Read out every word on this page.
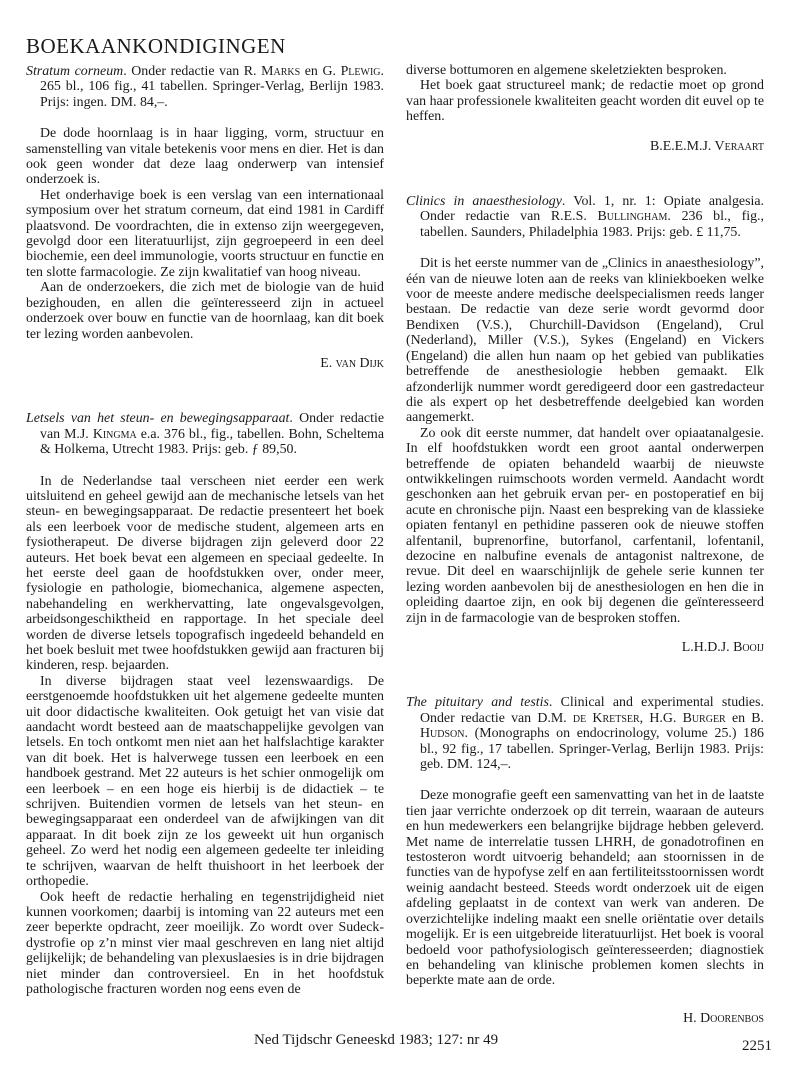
BOEKAANKONDIGINGEN

Stratum corneum. Onder redactie van R. Marks en G. Plewig. 265 bl., 106 fig., 41 tabellen. Springer-Verlag, Berlijn 1983. Prijs: ingen. DM. 84,–.

De dode hoornlaag is in haar ligging, vorm, structuur en samenstelling van vitale betekenis voor mens en dier. Het is dan ook geen wonder dat deze laag onderwerp van intensief onderzoek is.

Het onderhavige boek is een verslag van een internationaal symposium over het stratum corneum, dat eind 1981 in Cardiff plaatsvond. De voordrachten, die in extenso zijn weergegeven, gevolgd door een literatuurlijst, zijn gegroepeerd in een deel biochemie, een deel immunologie, voorts structuur en functie en ten slotte farmacologie. Ze zijn kwalitatief van hoog niveau.

Aan de onderzoekers, die zich met de biologie van de huid bezighouden, en allen die geïnteresseerd zijn in actueel onderzoek over bouw en functie van de hoornlaag, kan dit boek ter lezing worden aanbevolen.

E. van Dijk

Letsels van het steun- en bewegingsapparaat. Onder redactie van M.J. Kingma e.a. 376 bl., fig., tabellen. Bohn, Scheltema & Holkema, Utrecht 1983. Prijs: geb. ƒ 89,50.

In de Nederlandse taal verscheen niet eerder een werk uitsluitend en geheel gewijd aan de mechanische letsels van het steun- en bewegingsapparaat. De redactie presenteert het boek als een leerboek voor de medische student, algemeen arts en fysiotherapeut. De diverse bijdragen zijn geleverd door 22 auteurs. Het boek bevat een algemeen en speciaal gedeelte. In het eerste deel gaan de hoofdstukken over, onder meer, fysiologie en pathologie, biomechanica, algemene aspecten, nabehandeling en werkhervatting, late ongevalsgevolgen, arbeidsongeschiktheid en rapportage. In het speciale deel worden de diverse letsels topografisch ingedeeld behandeld en het boek besluit met twee hoofdstukken gewijd aan fracturen bij kinderen, resp. bejaarden.

In diverse bijdragen staat veel lezenswaardigs. De eerstgenoemde hoofdstukken uit het algemene gedeelte munten uit door didactische kwaliteiten. Ook getuigt het van visie dat aandacht wordt besteed aan de maatschappelijke gevolgen van letsels. En toch ontkomt men niet aan het halfslachtige karakter van dit boek. Het is halverwege tussen een leerboek en een handboek gestrand. Met 22 auteurs is het schier onmogelijk om een leerboek – en een hoge eis hierbij is de didactiek – te schrijven. Buitendien vormen de letsels van het steun- en bewegingsapparaat een onderdeel van de afwijkingen van dit apparaat. In dit boek zijn ze los geweekt uit hun organisch geheel. Zo werd het nodig een algemeen gedeelte ter inleiding te schrijven, waarvan de helft thuishoort in het leerboek der orthopedie.

Ook heeft de redactie herhaling en tegenstrijdigheid niet kunnen voorkomen; daarbij is intoming van 22 auteurs met een zeer beperkte opdracht, zeer moeilijk. Zo wordt over Sudeck-dystrofie op z’n minst vier maal geschreven en lang niet altijd gelijkelijk; de behandeling van plexuslaesies is in drie bijdragen niet minder dan controversieel. En in het hoofdstuk pathologische fracturen worden nog eens even de

diverse bottumoren en algemene skeletziekten besproken.

Het boek gaat structureel mank; de redactie moet op grond van haar professionele kwaliteiten geacht worden dit euvel op te heffen.

B.E.E.M.J. Veraart

Clinics in anaesthesiology. Vol. 1, nr. 1: Opiate analgesia. Onder redactie van R.E.S. Bullingham. 236 bl., fig., tabellen. Saunders, Philadelphia 1983. Prijs: geb. £ 11,75.

Dit is het eerste nummer van de „Clinics in anaesthesiology”, één van de nieuwe loten aan de reeks van kliniekboeken welke voor de meeste andere medische deelspecialismen reeds langer bestaan. De redactie van deze serie wordt gevormd door Bendixen (V.S.), Churchill-Davidson (Engeland), Crul (Nederland), Miller (V.S.), Sykes (Engeland) en Vickers (Engeland) die allen hun naam op het gebied van publikaties betreffende de anesthesiologie hebben gemaakt. Elk afzonderlijk nummer wordt geredigeerd door een gastredacteur die als expert op het desbetreffende deelgebied kan worden aangemerkt.

Zo ook dit eerste nummer, dat handelt over opiaatanalgesie. In elf hoofdstukken wordt een groot aantal onderwerpen betreffende de opiaten behandeld waarbij de nieuwste ontwikkelingen ruimschoots worden vermeld. Aandacht wordt geschonken aan het gebruik ervan per- en postoperatief en bij acute en chronische pijn. Naast een bespreking van de klassieke opiaten fentanyl en pethidine passeren ook de nieuwe stoffen alfentanil, buprenorfine, butorfanol, carfentanil, lofentanil, dezocine en nalbufine evenals de antagonist naltrexone, de revue. Dit deel en waarschijnlijk de gehele serie kunnen ter lezing worden aanbevolen bij de anesthesiologen en hen die in opleiding daartoe zijn, en ook bij degenen die geïnteresseerd zijn in de farmacologie van de besproken stoffen.

L.H.D.J. Booij

The pituitary and testis. Clinical and experimental studies. Onder redactie van D.M. de Kretser, H.G. Burger en B. Hudson. (Monographs on endocrinology, volume 25.) 186 bl., 92 fig., 17 tabellen. Springer-Verlag, Berlijn 1983. Prijs: geb. DM. 124,–.

Deze monografie geeft een samenvatting van het in de laatste tien jaar verrichte onderzoek op dit terrein, waaraan de auteurs en hun medewerkers een belangrijke bijdrage hebben geleverd. Met name de interrelatie tussen LHRH, de gonadotrofinen en testosteron wordt uitvoerig behandeld; aan stoornissen in de functies van de hypofyse zelf en aan fertiliteitsstoornissen wordt weinig aandacht besteed. Steeds wordt onderzoek uit de eigen afdeling geplaatst in de context van werk van anderen. De overzichtelijke indeling maakt een snelle oriëntatie over details mogelijk. Er is een uitgebreide literatuurlijst. Het boek is vooral bedoeld voor pathofysiologisch geïnteresseerden; diagnostiek en behandeling van klinische problemen komen slechts in beperkte mate aan de orde.

H. Doorenbos

Ned Tijdschr Geneeskd 1983; 127: nr 49	2251
